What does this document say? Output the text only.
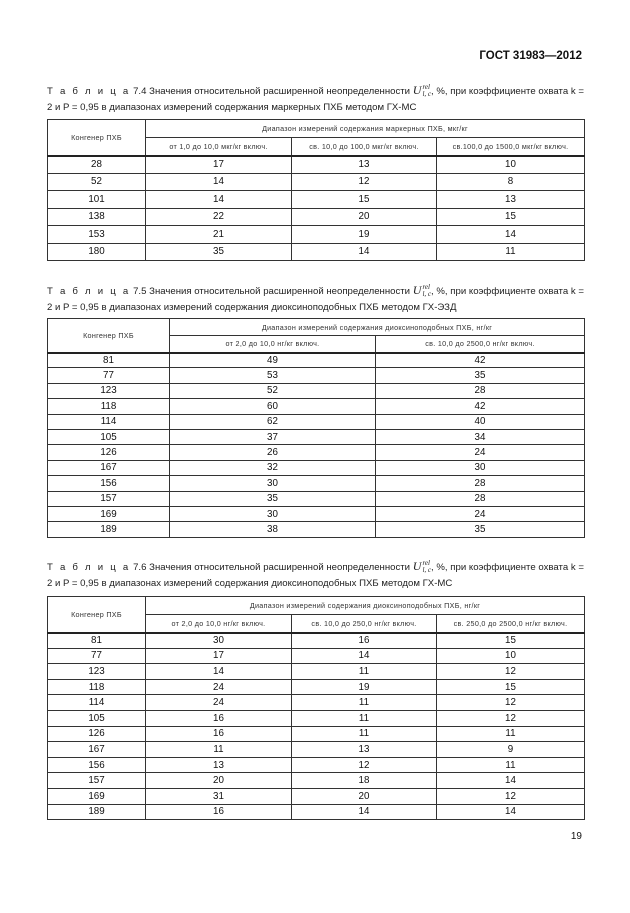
ГОСТ 31983—2012
Т а б л и ц а 7.4 Значения относительной расширенной неопределенности Urel
l, c, %, при коэффициенте охвата k = 2 и P = 0,95 в диапазонах измерений содержания маркерных ПХБ методом ГХ-МС
Конгенер ПХБ	Диапазон измерений содержания маркерных ПХБ, мкг/кг		
	от 1,0 до 10,0 мкг/кг включ.	св. 10,0 до 100,0 мкг/кг включ.	св.100,0 до 1500,0 мкг/кг включ.
28	17	13	10
52	14	12	8
101	14	15	13
138	22	20	15
153	21	19	14
180	35	14	11
Т а б л и ц а 7.5 Значения относительной расширенной неопределенности Urel
l, c, %, при коэффициенте охвата k = 2 и P = 0,95 в диапазонах измерений содержания диоксиноподобных ПХБ методом ГХ-ЭЗД
Конгенер ПХБ	Диапазон измерений содержания диоксиноподобных ПХБ, нг/кг	
	от 2,0 до 10,0 нг/кг включ.	св. 10,0 до 2500,0 нг/кг включ.
81	49	42
77	53	35
123	52	28
118	60	42
114	62	40
105	37	34
126	26	24
167	32	30
156	30	28
157	35	28
169	30	24
189	38	35
Т а б л и ц а 7.6 Значения относительной расширенной неопределенности Urel
l, c, %, при коэффициенте охвата k = 2 и P = 0,95 в диапазонах измерений содержания диоксиноподобных ПХБ методом ГХ-МС
Конгенер ПХБ	Диапазон измерений содержания диоксиноподобных ПХБ, нг/кг		
	от 2,0 до 10,0 нг/кг включ.	св. 10,0 до 250,0 нг/кг включ.	св. 250,0 до 2500,0 нг/кг включ.
81	30	16	15
77	17	14	10
123	14	11	12
118	24	19	15
114	24	11	12
105	16	11	12
126	16	11	11
167	11	13	9
156	13	12	11
157	20	18	14
169	31	20	12
189	16	14	14
19
